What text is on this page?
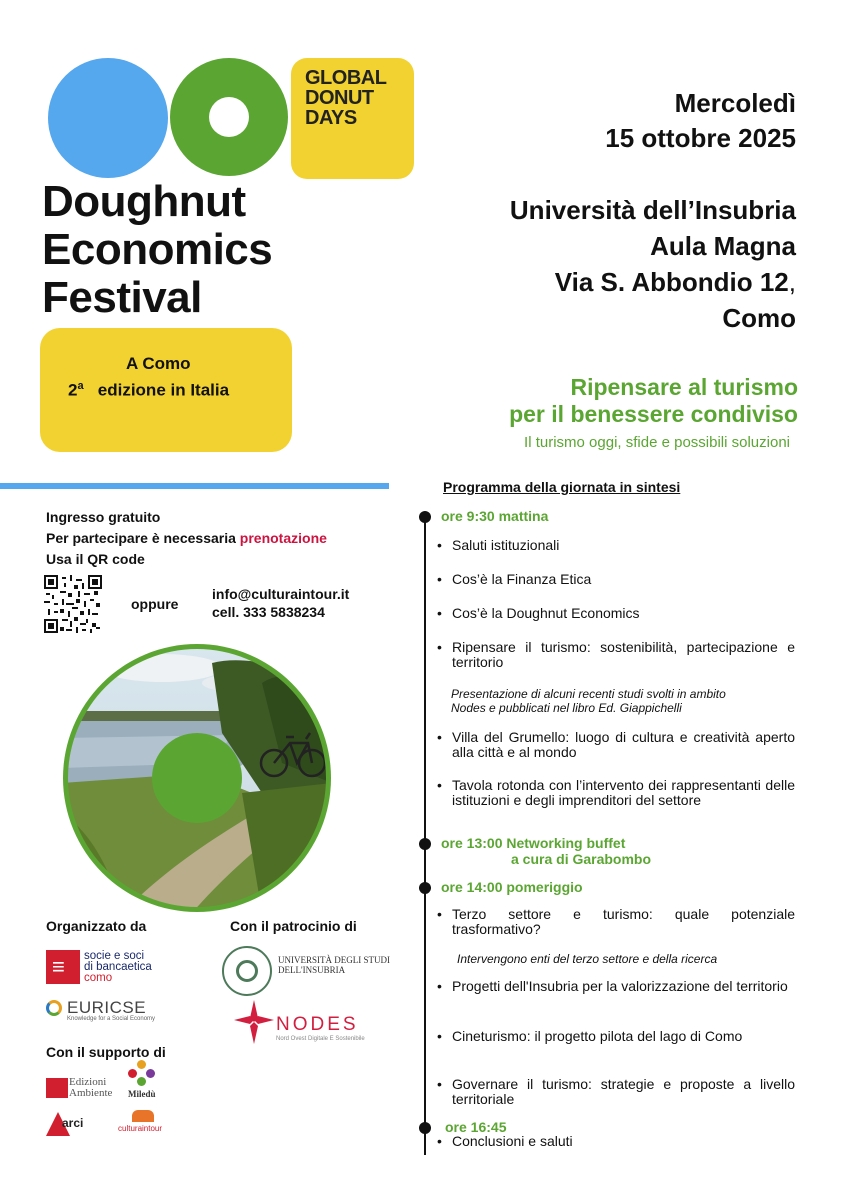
GLOBAL
DONUT
DAYS
Doughnut
Economics
Festival
A Como
2$^a$ edizione in Italia
Mercoledì
15 ottobre 2025
Università dell’Insubria
Aula Magna
Via S. Abbondio 12,
Como
Ripensare al turismo
per il benessere condiviso
Il turismo oggi, sfide e possibili soluzioni
Ingresso gratuito
Per partecipare è necessaria prenotazione
Usa il QR code
oppure
info@culturaintour.it
cell. 333 5838234
Organizzato da	Con il patrocinio di
≡ socie e soci
di bancaetica
como
EURICSE
Knowledge for a Social Economy
Con il supporto di
Edizioni
Ambiente Miledù
arci	culturaintour
UNIVERSITÀ DEGLI STUDI
DELL'INSUBRIA
NODES
Nord Ovest Digitale E Sostenibile
Programma della giornata in sintesi
ore 9:30 mattina
• Saluti istituzionali
• Cos’è la Finanza Etica
• Cos’è la Doughnut Economics
• Ripensare il turismo: sostenibilità, partecipazione e territorio
Presentazione di alcuni recenti studi svolti in ambito
Nodes e pubblicati nel libro Ed. Giappichelli
• Villa del Grumello: luogo di cultura e creatività aperto alla città e al mondo
• Tavola rotonda con l’intervento dei rappresentanti delle istituzioni e degli imprenditori del settore
ore 13:00 Networking buffet
a cura di Garabombo
ore 14:00 pomeriggio
• Terzo settore e turismo: quale potenziale trasformativo?
Intervengono enti del terzo settore e della ricerca
• Progetti dell'Insubria per la valorizzazione del territorio
• Cineturismo: il progetto pilota del lago di Como
• Governare il turismo: strategie e proposte a livello territoriale
ore 16:45
• Conclusioni e saluti
